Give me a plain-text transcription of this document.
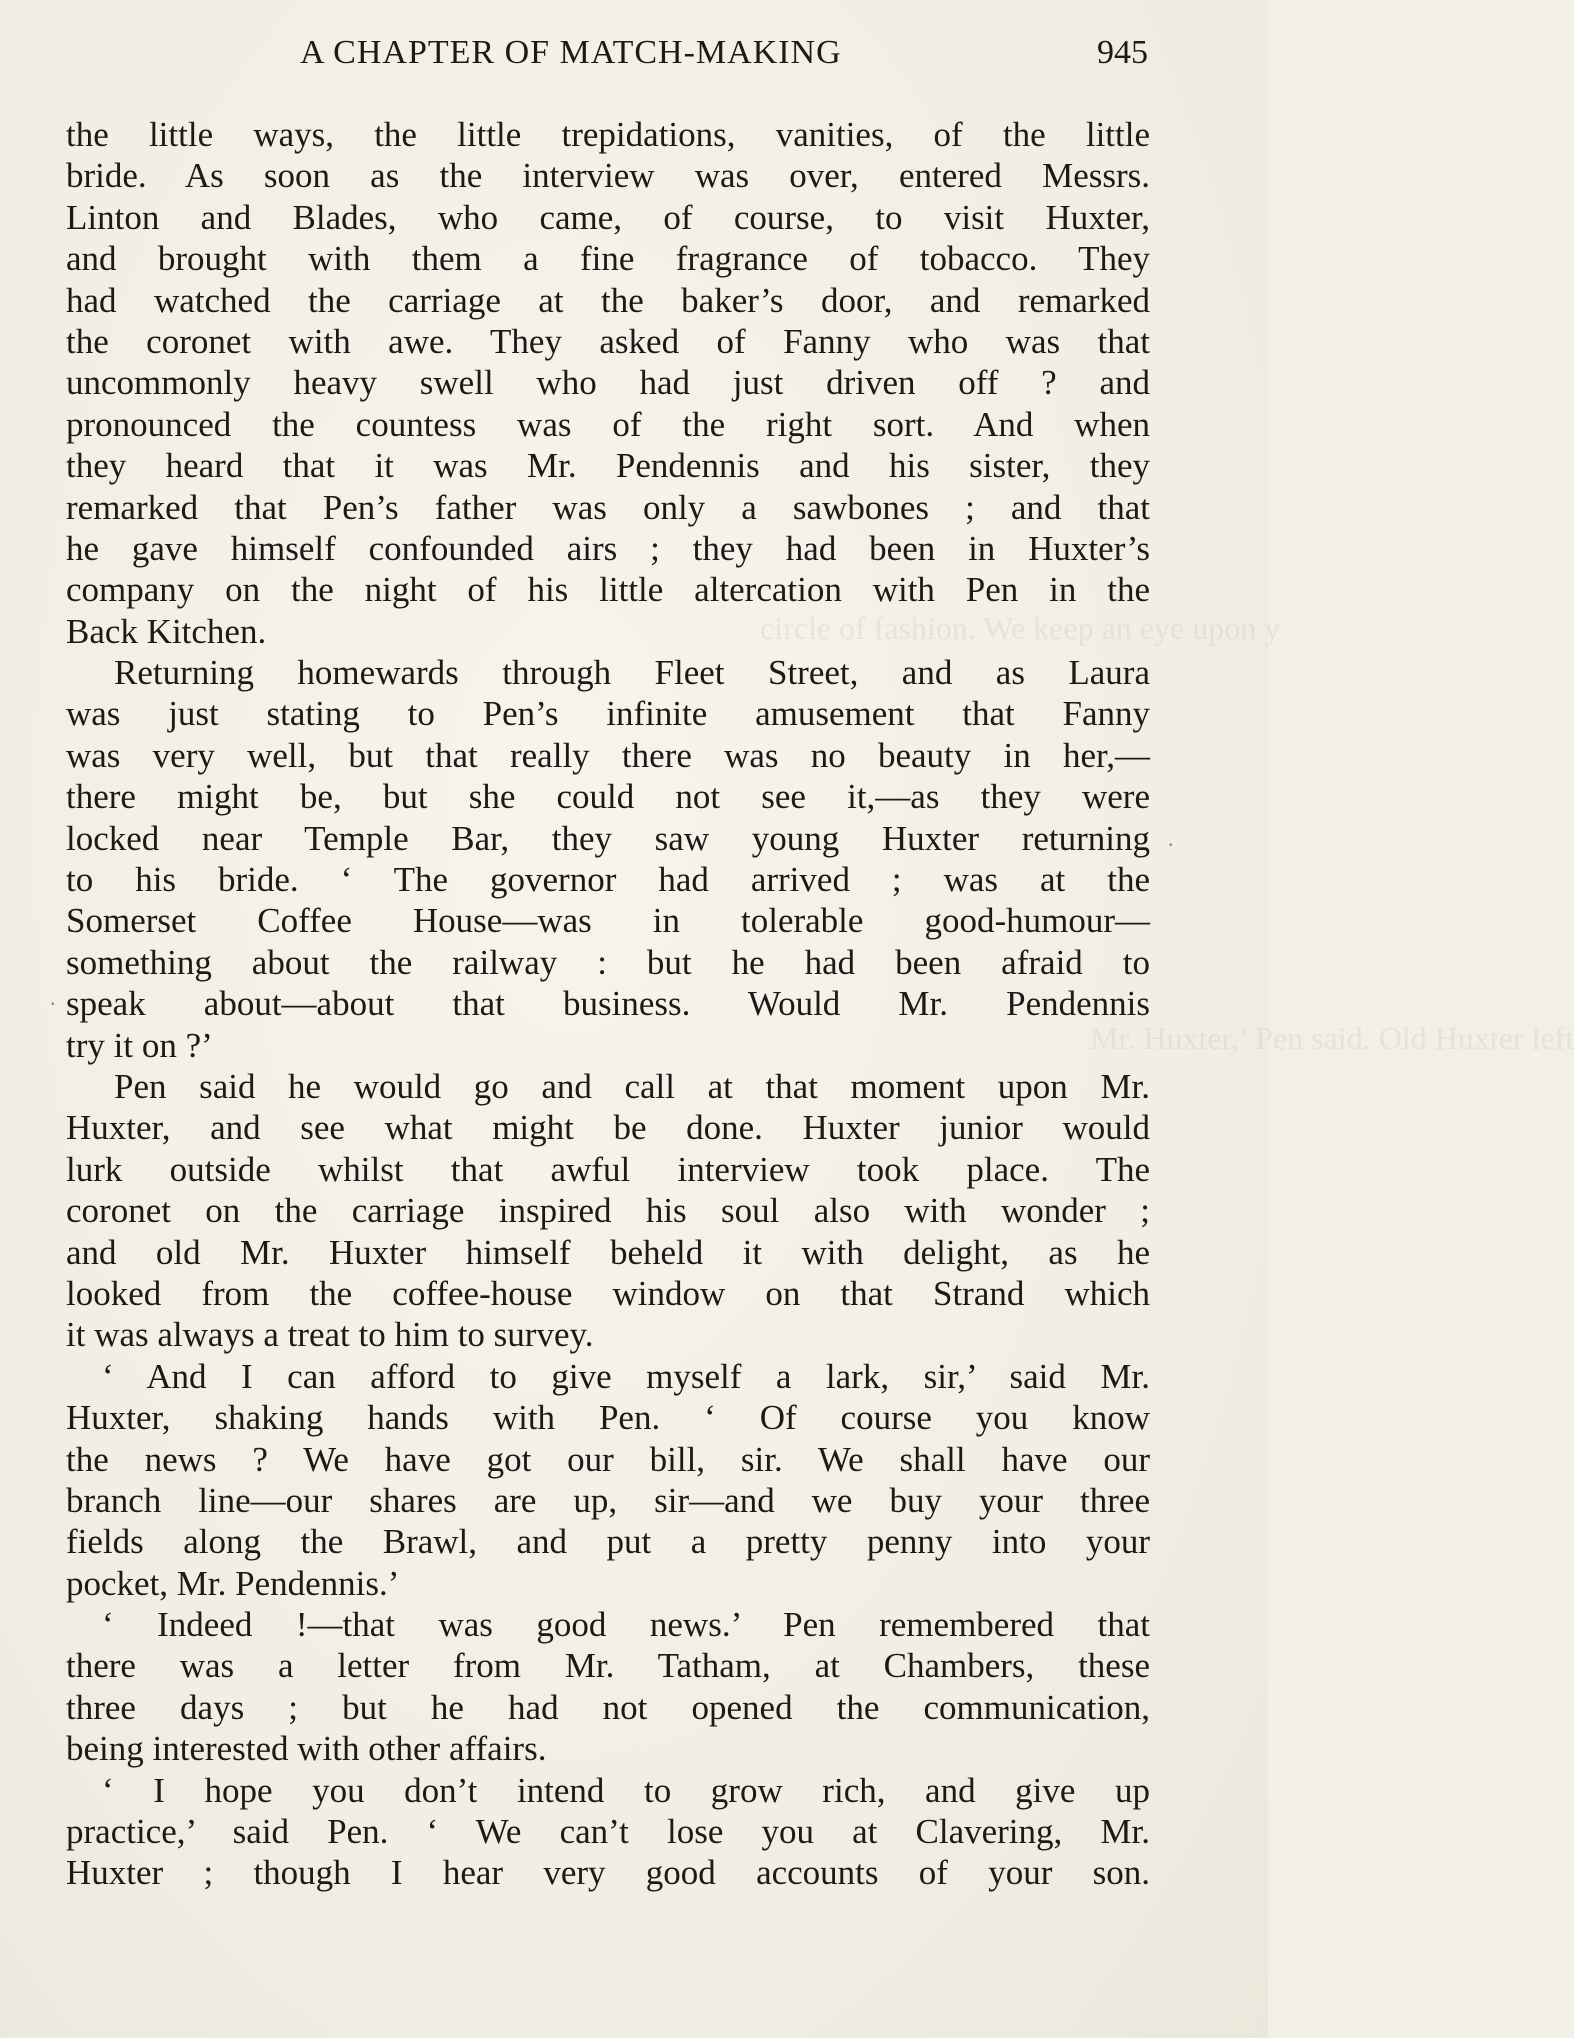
A CHAPTER OF MATCH-MAKING	945
circle of fashion. We keep an eye upon y
Mr. Huxter,’ Pen said. Old Huxter left
.
.
the little ways, the little trepidations, vanities, of the little
bride. As soon as the interview was over, entered Messrs.
Linton and Blades, who came, of course, to visit Huxter,
and brought with them a fine fragrance of tobacco. They
had watched the carriage at the baker’s door, and remarked
the coronet with awe. They asked of Fanny who was that
uncommonly heavy swell who had just driven off ? and
pronounced the countess was of the right sort. And when
they heard that it was Mr. Pendennis and his sister, they
remarked that Pen’s father was only a sawbones ; and that
he gave himself confounded airs ; they had been in Huxter’s
company on the night of his little altercation with Pen in the
Back Kitchen.
Returning homewards through Fleet Street, and as Laura
was just stating to Pen’s infinite amusement that Fanny
was very well, but that really there was no beauty in her,—
there might be, but she could not see it,—as they were
locked near Temple Bar, they saw young Huxter returning
to his bride. ‘ The governor had arrived ; was at the
Somerset Coffee House—was in tolerable good-humour—
something about the railway : but he had been afraid to
speak about—about that business. Would Mr. Pendennis
try it on ?’
Pen said he would go and call at that moment upon Mr.
Huxter, and see what might be done. Huxter junior would
lurk outside whilst that awful interview took place. The
coronet on the carriage inspired his soul also with wonder ;
and old Mr. Huxter himself beheld it with delight, as he
looked from the coffee-house window on that Strand which
it was always a treat to him to survey.
‘ And I can afford to give myself a lark, sir,’ said Mr.
Huxter, shaking hands with Pen. ‘ Of course you know
the news ? We have got our bill, sir. We shall have our
branch line—our shares are up, sir—and we buy your three
fields along the Brawl, and put a pretty penny into your
pocket, Mr. Pendennis.’
‘ Indeed !—that was good news.’ Pen remembered that
there was a letter from Mr. Tatham, at Chambers, these
three days ; but he had not opened the communication,
being interested with other affairs.
‘ I hope you don’t intend to grow rich, and give up
practice,’ said Pen. ‘ We can’t lose you at Clavering, Mr.
Huxter ; though I hear very good accounts of your son.
